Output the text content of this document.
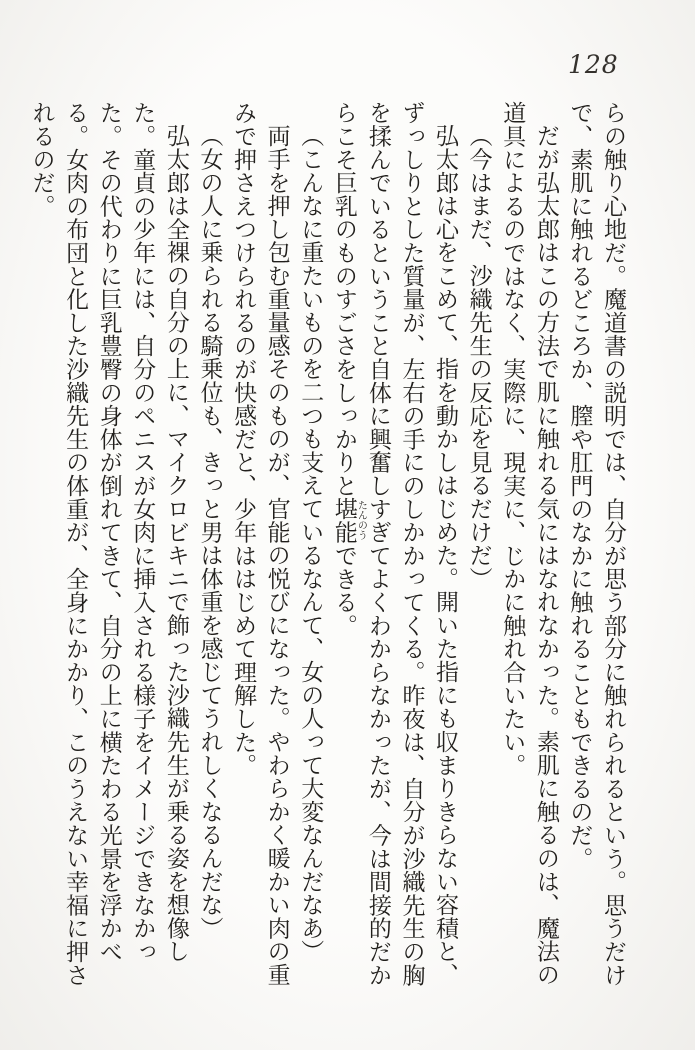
128

らの触り心地だ。魔道書の説明では、自分が思う部分に触れられるという。思うだけで、素肌に触れるどころか、膣や肛門のなかに触れることもできるのだ。

だが弘太郎はこの方法で肌に触れる気にはなれなかった。素肌に触るのは、魔法の道具によるのではなく、実際に、現実に、じかに触れ合いたい。

（今はまだ、沙織先生の反応を見るだけだ）

弘太郎は心をこめて、指を動かしはじめた。開いた指にも収まりきらない容積と、ずっしりとした質量が、左右の手にのしかかってくる。昨夜は、自分が沙織先生の胸を揉んでいるということ自体に興奮しすぎてよくわからなかったが、今は間接的だからこそ巨乳のものすごさをしっかりと堪能たんのうできる。

（こんなに重たいものを二つも支えているなんて、女の人って大変なんだなあ）

両手を押し包む重量感そのものが、官能の悦びになった。やわらかく暖かい肉の重みで押さえつけられるのが快感だと、少年ははじめて理解した。

（女の人に乗られる騎乗位も、きっと男は体重を感じてうれしくなるんだな）

弘太郎は全裸の自分の上に、マイクロビキニで飾った沙織先生が乗る姿を想像した。童貞の少年には、自分のペニスが女肉に挿入される様子をイメージできなかった。その代わりに巨乳豊臀の身体が倒れてきて、自分の上に横たわる光景を浮かべる。女肉の布団と化した沙織先生の体重が、全身にかかり、このうえない幸福に押されるのだ。
